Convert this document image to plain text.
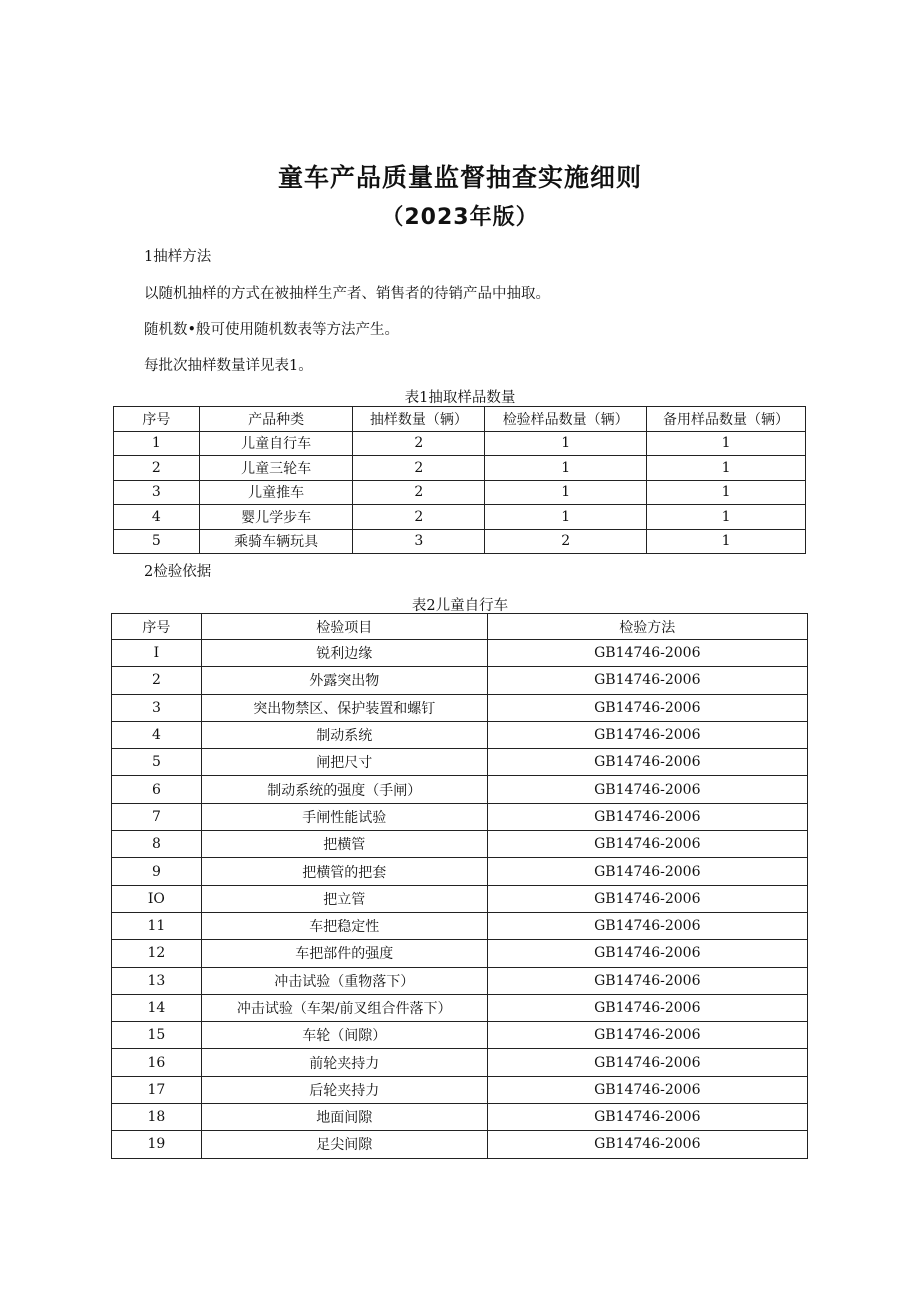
童车产品质量监督抽查实施细则
（2023年版）
1抽样方法
以随机抽样的方式在被抽样生产者、销售者的待销产品中抽取。
随机数•般可使用随机数表等方法产生。
每批次抽样数量详见表1。
表1抽取样品数量
序号	产品种类	抽样数量（辆）	检验样品数量（辆）	备用样品数量（辆）
1	儿童自行车	2	1	1
2	儿童三轮车	2	1	1
3	儿童推车	2	1	1
4	婴儿学步车	2	1	1
5	乘骑车辆玩具	3	2	1
2检验依据
表2儿童自行车
序号	检验项目	检验方法
I	锐利边缘	GB14746-2006
2	外露突出物	GB14746-2006
3	突出物禁区、保护装置和螺钉	GB14746-2006
4	制动系统	GB14746-2006
5	闸把尺寸	GB14746-2006
6	制动系统的强度（手闸）	GB14746-2006
7	手闸性能试验	GB14746-2006
8	把横管	GB14746-2006
9	把横管的把套	GB14746-2006
IO	把立管	GB14746-2006
11	车把稳定性	GB14746-2006
12	车把部件的强度	GB14746-2006
13	冲击试验（重物落下）	GB14746-2006
14	冲击试验（车架/前叉组合件落下）	GB14746-2006
15	车轮（间隙）	GB14746-2006
16	前轮夹持力	GB14746-2006
17	后轮夹持力	GB14746-2006
18	地面间隙	GB14746-2006
19	足尖间隙	GB14746-2006
